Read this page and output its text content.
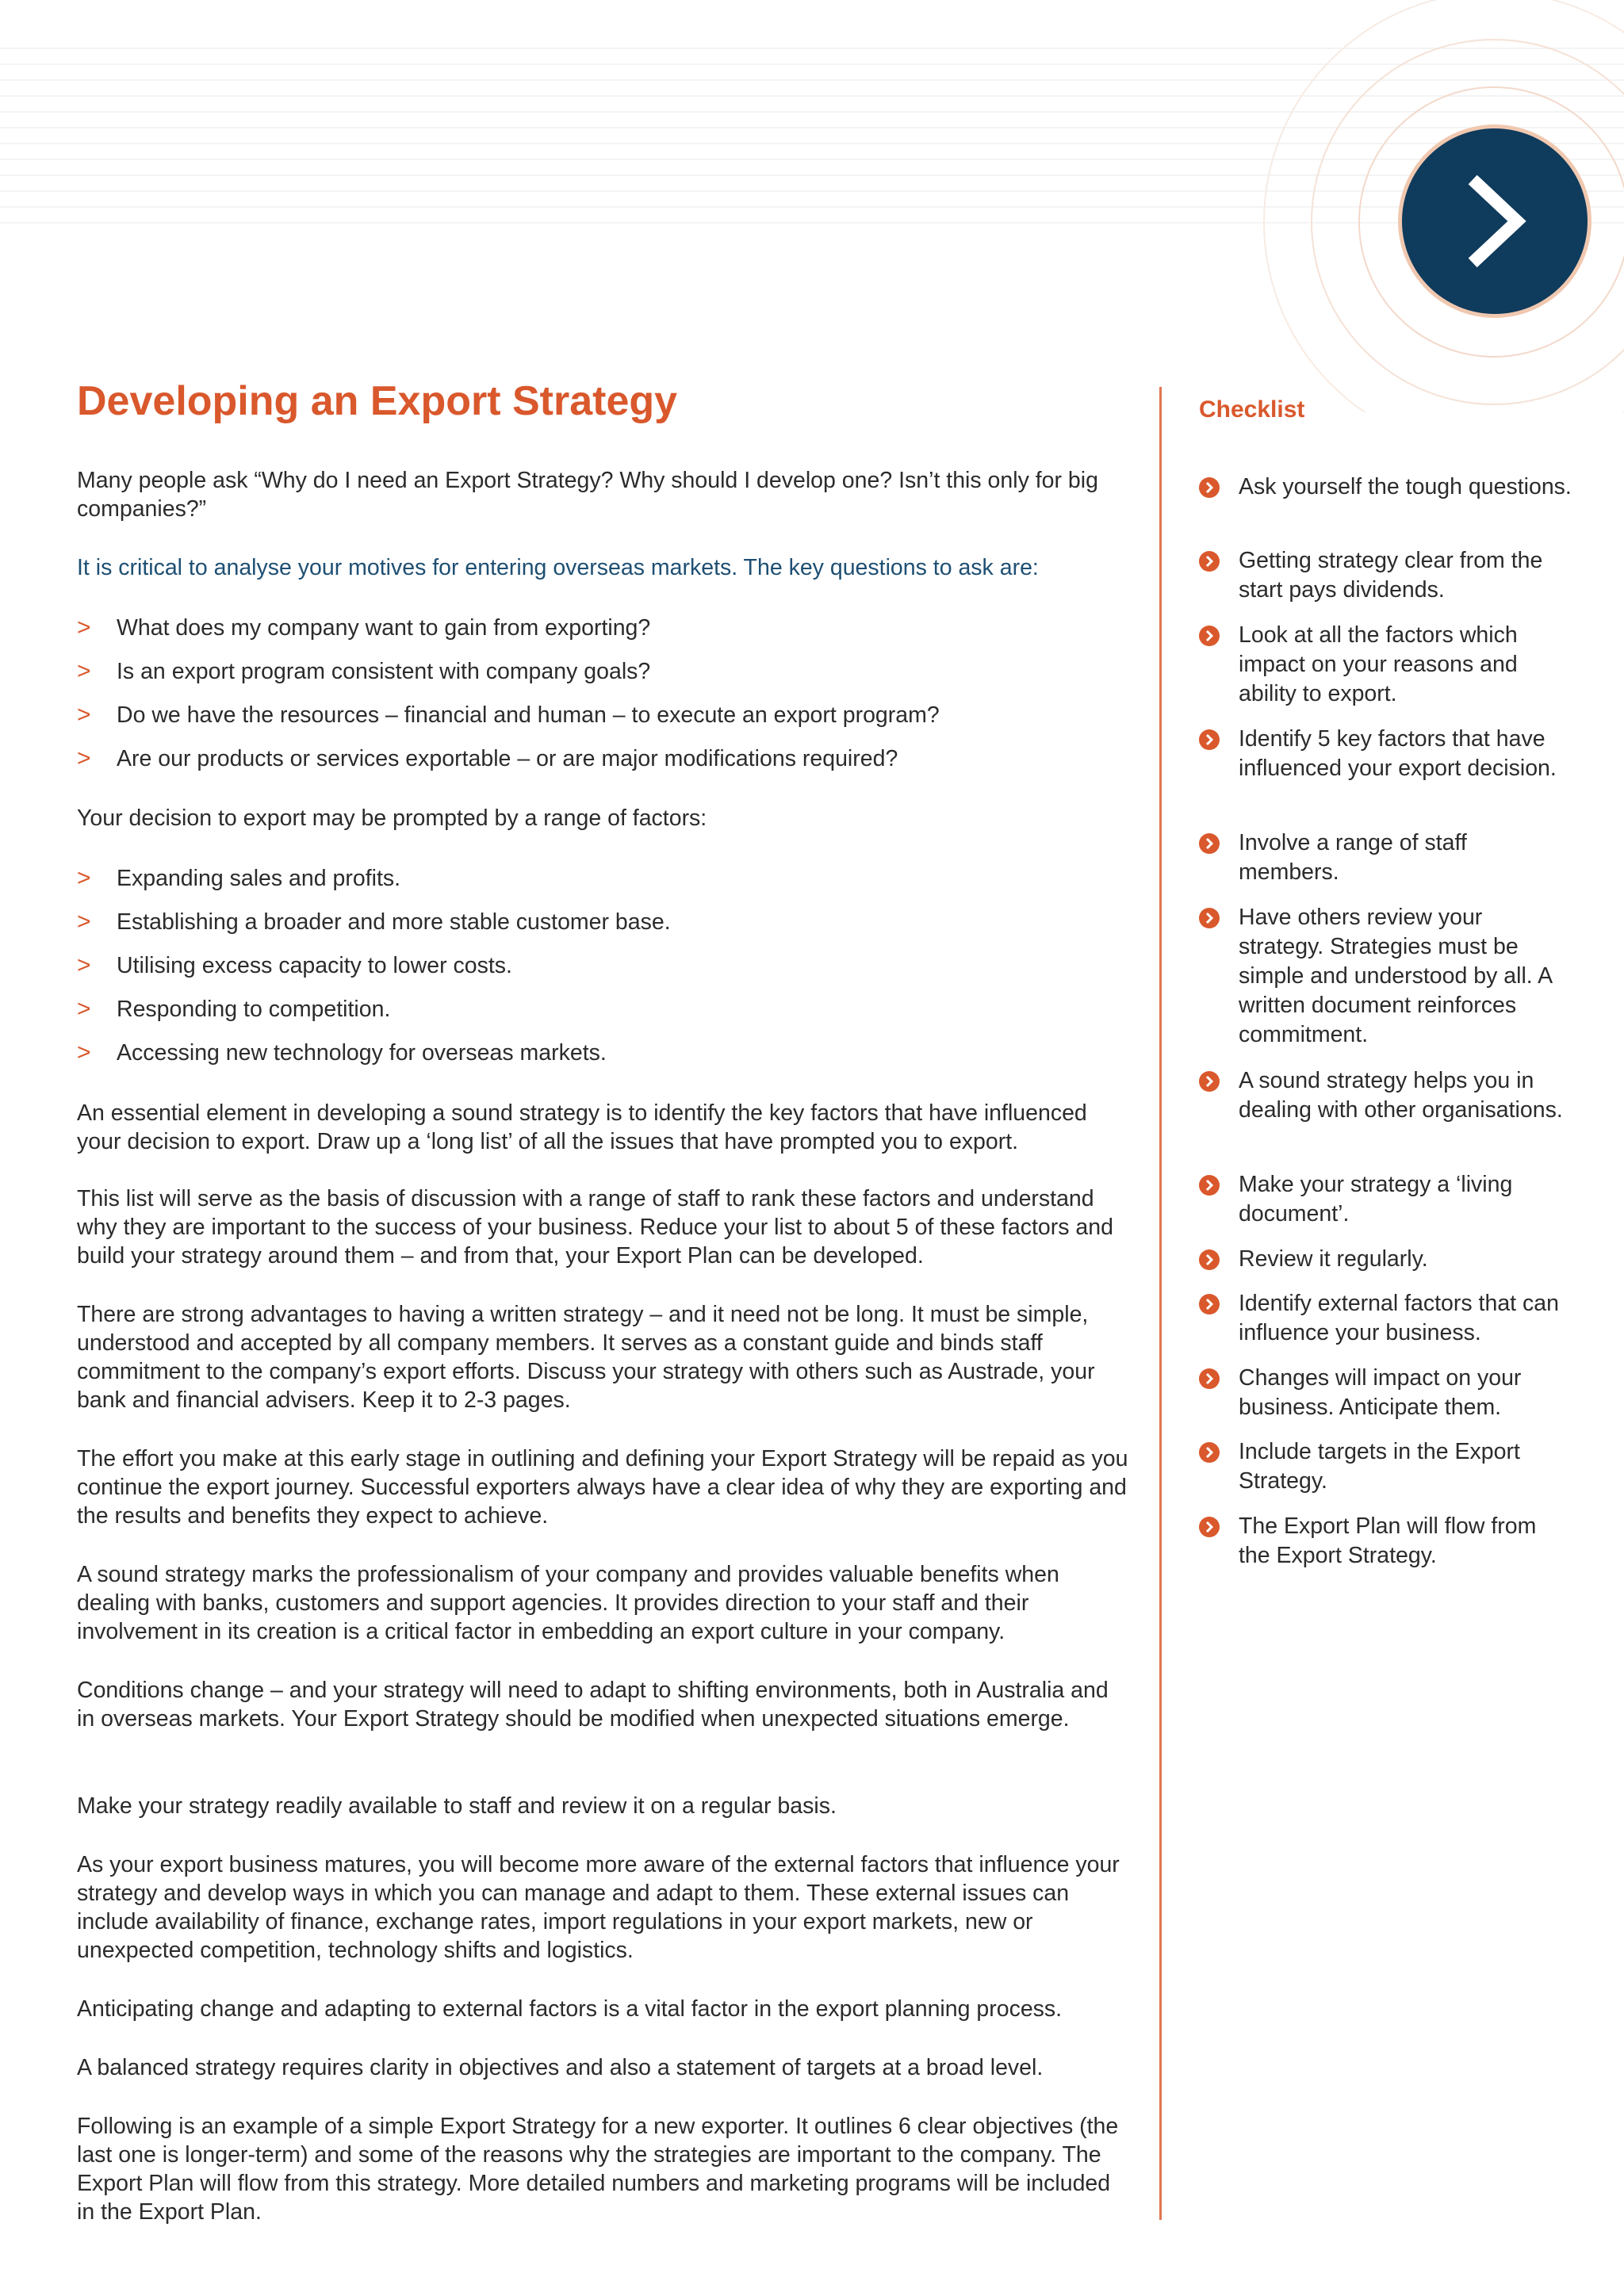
Developing an Export Strategy

Many people ask “Why do I need an Export Strategy? Why should I develop one? Isn’t this only for big companies?”

It is critical to analyse your motives for entering overseas markets. The key questions to ask are:

> What does my company want to gain from exporting?
> Is an export program consistent with company goals?
> Do we have the resources – financial and human – to execute an export program?
> Are our products or services exportable – or are major modifications required?

Your decision to export may be prompted by a range of factors:

> Expanding sales and profits.
> Establishing a broader and more stable customer base.
> Utilising excess capacity to lower costs.
> Responding to competition.
> Accessing new technology for overseas markets.

An essential element in developing a sound strategy is to identify the key factors that have influenced your decision to export. Draw up a ‘long list’ of all the issues that have prompted you to export.

This list will serve as the basis of discussion with a range of staff to rank these factors and understand why they are important to the success of your business. Reduce your list to about 5 of these factors and build your strategy around them – and from that, your Export Plan can be developed.

There are strong advantages to having a written strategy – and it need not be long. It must be simple, understood and accepted by all company members. It serves as a constant guide and binds staff commitment to the company’s export efforts. Discuss your strategy with others such as Austrade, your bank and financial advisers. Keep it to 2-3 pages.

The effort you make at this early stage in outlining and defining your Export Strategy will be repaid as you continue the export journey. Successful exporters always have a clear idea of why they are exporting and the results and benefits they expect to achieve.

A sound strategy marks the professionalism of your company and provides valuable benefits when dealing with banks, customers and support agencies. It provides direction to your staff and their involvement in its creation is a critical factor in embedding an export culture in your company.

Conditions change – and your strategy will need to adapt to shifting environments, both in Australia and in overseas markets. Your Export Strategy should be modified when unexpected situations emerge.

Make your strategy readily available to staff and review it on a regular basis.

As your export business matures, you will become more aware of the external factors that influence your strategy and develop ways in which you can manage and adapt to them. These external issues can include availability of finance, exchange rates, import regulations in your export markets, new or unexpected competition, technology shifts and logistics.

Anticipating change and adapting to external factors is a vital factor in the export planning process.

A balanced strategy requires clarity in objectives and also a statement of targets at a broad level.

Following is an example of a simple Export Strategy for a new exporter. It outlines 6 clear objectives (the last one is longer-term) and some of the reasons why the strategies are important to the company. The Export Plan will flow from this strategy. More detailed numbers and marketing programs will be included in the Export Plan.

Checklist
Ask yourself the tough questions.
Getting strategy clear from the start pays dividends.
Look at all the factors which impact on your reasons and ability to export.
Identify 5 key factors that have influenced your export decision.
Involve a range of staff members.
Have others review your strategy. Strategies must be simple and understood by all. A written document reinforces commitment.
A sound strategy helps you in dealing with other organisations.
Make your strategy a ‘living document’.
Review it regularly.
Identify external factors that can influence your business.
Changes will impact on your business. Anticipate them.
Include targets in the Export Strategy.
The Export Plan will flow from the Export Strategy.
